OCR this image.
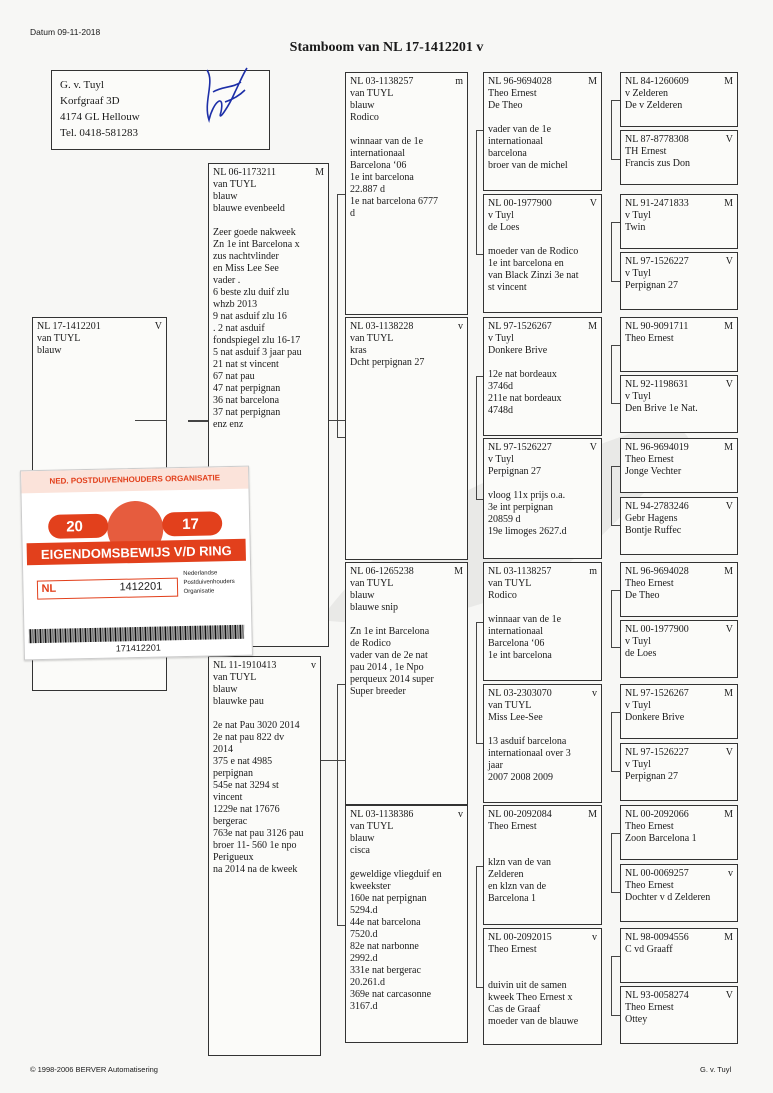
Datum 09-11-2018
Stamboom van NL 17-1412201 v
G. v. Tuyl
Korfgraaf 3D
4174 GL Hellouw
Tel. 0418-581283
NL 17-1412201	V
van TUYL
blauw
NL 06-1173211	M
van TUYL
blauw
blauwe evenbeeld

Zeer goede nakweek
Zn 1e int Barcelona x
zus nachtvlinder
en Miss Lee See
vader .
6 beste zlu duif zlu
whzb 2013
9 nat asduif zlu 16
. 2 nat asduif
fondspiegel zlu 16-17
5 nat asduif 3 jaar pau
21 nat st vincent
67 nat pau
47 nat perpignan
36 nat barcelona
37 nat perpignan
enz enz
NL 11-1910413	v
van TUYL
blauw
blauwke pau

2e nat Pau 3020 2014
2e nat pau 822 dv
2014
375 e nat 4985
perpignan
545e nat 3294 st
vincent
1229e nat 17676
bergerac
763e nat pau 3126 pau
broer 11- 560 1e npo
Perigueux
na 2014 na de kweek
NL 03-1138257	m
van TUYL
blauw
Rodico

winnaar van de 1e
internationaal
Barcelona ‘06
1e int barcelona
22.887 d
1e nat barcelona 6777
d
NL 03-1138228	v
van TUYL
kras
Dcht perpignan 27
NL 06-1265238	M
van TUYL
blauw
blauwe snip

Zn 1e int Barcelona
de Rodico
vader van de 2e nat
pau 2014 , 1e Npo
perqueux 2014 super
Super breeder
NL 03-1138386	v
van TUYL
blauw
cisca

geweldige vliegduif en
kweekster
160e nat perpignan
5294.d
44e nat barcelona
7520.d
82e nat narbonne
2992.d
331e nat bergerac
20.261.d
369e nat carcasonne
3167.d
NL 96-9694028	M
Theo Ernest
De Theo

vader van de 1e
internationaal
barcelona
broer van de michel
NL 00-1977900	V
v Tuyl
de Loes

moeder van de Rodico
1e int barcelona en
van Black Zinzi 3e nat
st vincent
NL 97-1526267	M
v Tuyl
Donkere Brive

12e nat bordeaux
3746d
211e nat bordeaux
4748d
NL 97-1526227	V
v Tuyl
Perpignan 27

vloog 11x prijs o.a.
3e int perpignan
20859 d
19e limoges 2627.d
NL 03-1138257	m
van TUYL
Rodico

winnaar van de 1e
internationaal
Barcelona ‘06
1e int barcelona
NL 03-2303070	v
van TUYL
Miss Lee-See

13 asduif barcelona
internationaal over 3
jaar
2007 2008 2009
NL 00-2092084	M
Theo Ernest

klzn van de van
Zelderen
en klzn van de
Barcelona 1
NL 00-2092015	v
Theo Ernest

duivin uit de samen
kweek Theo Ernest x
Cas de Graaf
moeder van de blauwe
NL 84-1260609	M
v Zelderen
De v Zelderen
NL 87-8778308	V
TH Ernest
Francis zus Don
NL 91-2471833	M
v Tuyl
Twin
NL 97-1526227	V
v Tuyl
Perpignan 27
NL 90-9091711	M
Theo Ernest
NL 92-1198631	V
v Tuyl
Den Brive 1e Nat.
NL 96-9694019	M
Theo Ernest
Jonge Vechter
NL 94-2783246	V
Gebr Hagens
Bontje Ruffec
NL 96-9694028	M
Theo Ernest
De Theo
NL 00-1977900	V
v Tuyl
de Loes
NL 97-1526267	M
v Tuyl
Donkere Brive
NL 97-1526227	V
v Tuyl
Perpignan 27
NL 00-2092066	M
Theo Ernest
Zoon Barcelona 1
NL 00-0069257	v
Theo Ernest
Dochter v d Zelderen
NL 98-0094556	M
C vd Graaff
NL 93-0058274	V
Theo Ernest
Ottey
NED. POSTDUIVENHOUDERS ORGANISATIE
20	17
EIGENDOMSBEWIJS V/D RING
NL	1412201
Nederlandse
Postduivenhouders
Organisatie
171412201
© 1998-2006 BERVER Automatisering	G. v. Tuyl
